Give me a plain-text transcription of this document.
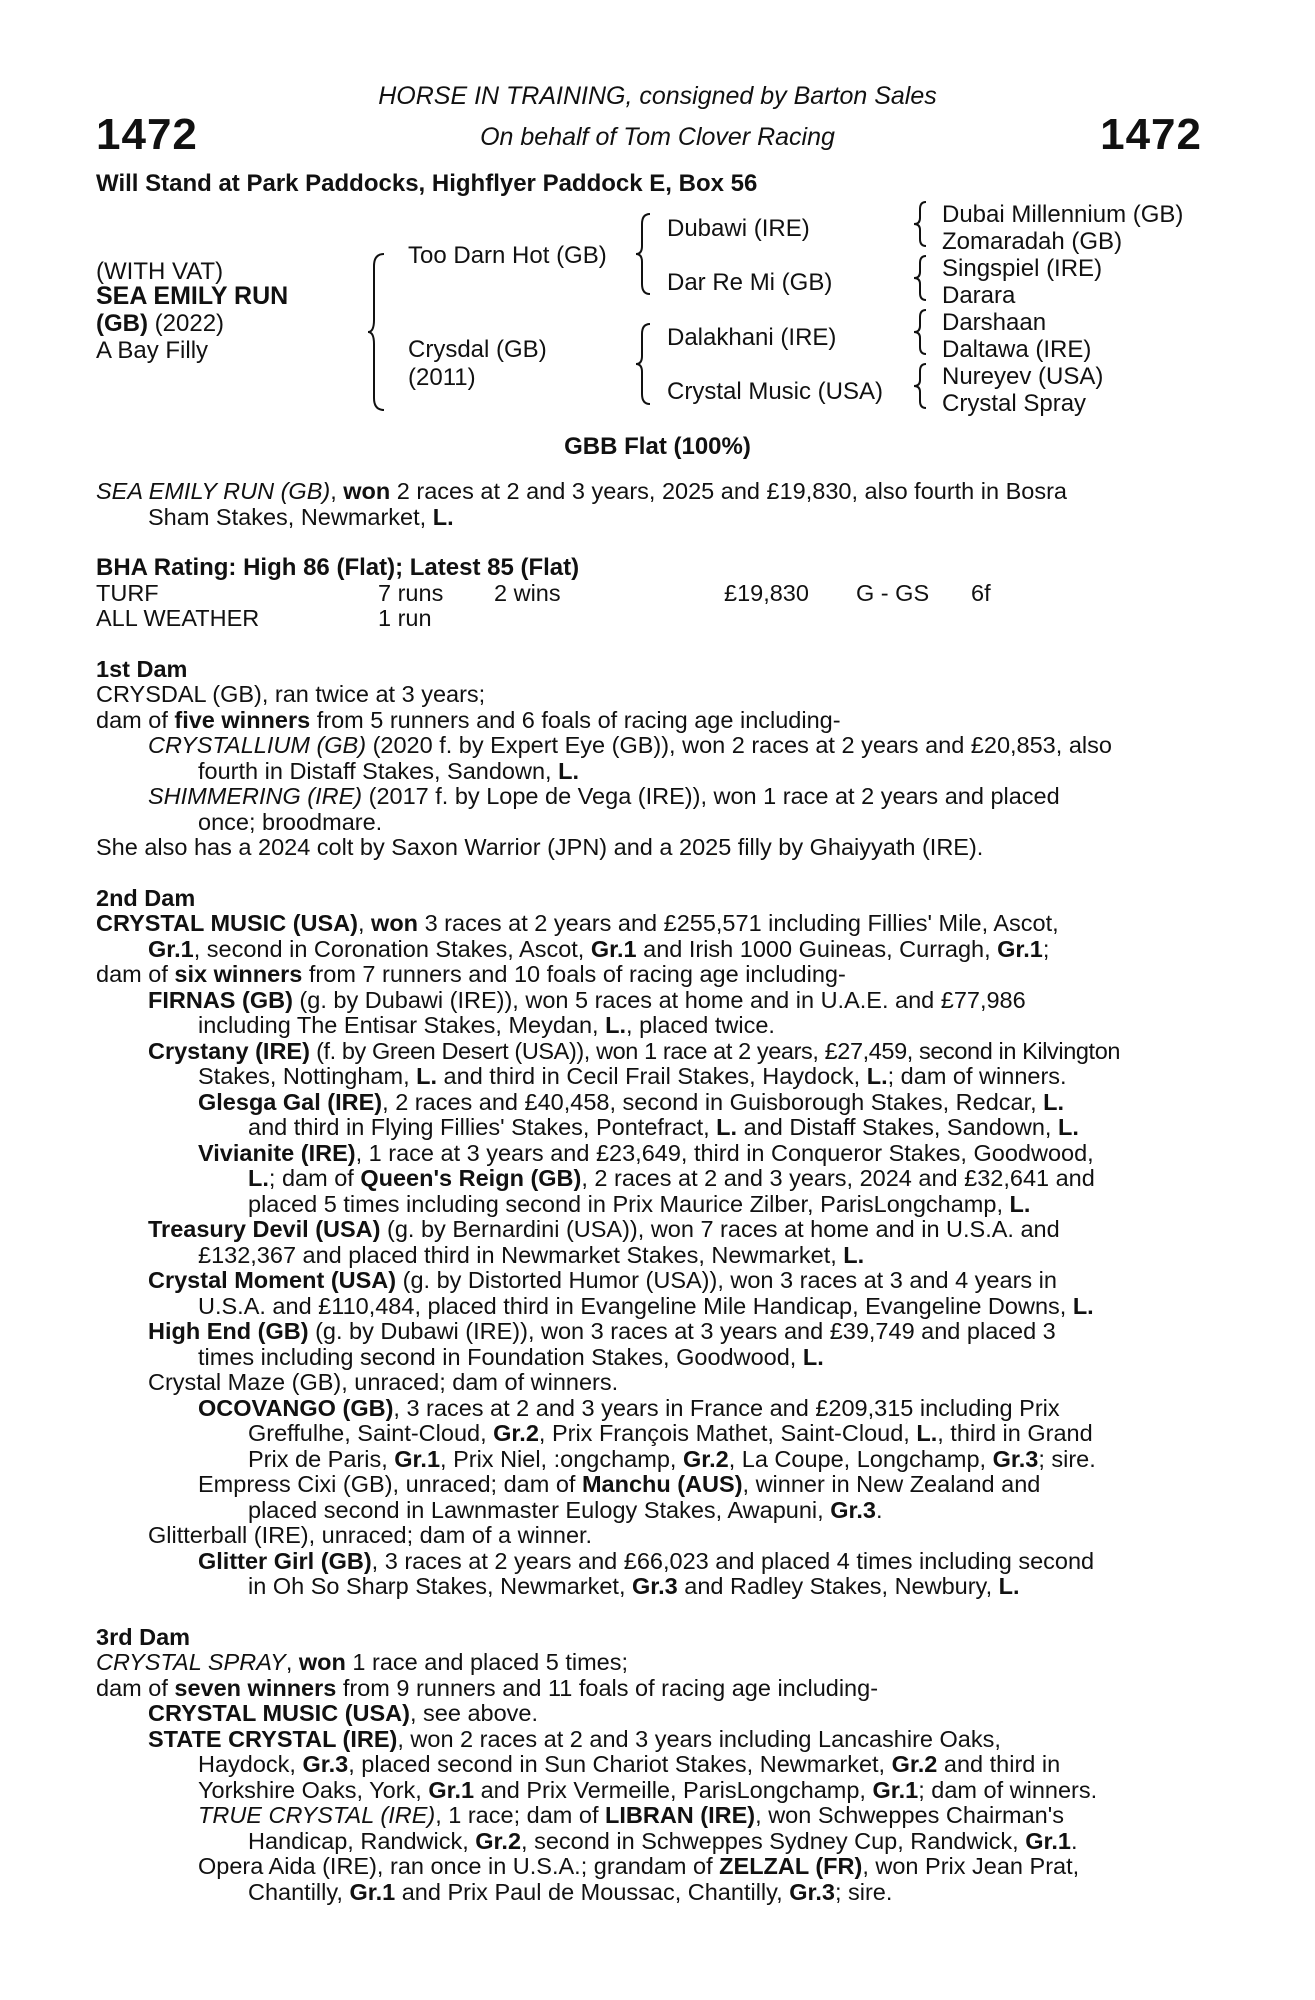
1472	1472
HORSE IN TRAINING, consigned by Barton Sales
On behalf of Tom Clover Racing
Will Stand at Park Paddocks, Highflyer Paddock E, Box 56
(WITH VAT)
SEA EMILY RUN
(GB) (2022)
A Bay Filly
Too Darn Hot (GB)
Crysdal (GB)
(2011)
Dubawi (IRE)
Dar Re Mi (GB)
Dalakhani (IRE)
Crystal Music (USA)
Dubai Millennium (GB)
Zomaradah (GB)
Singspiel (IRE)
Darara
Darshaan
Daltawa (IRE)
Nureyev (USA)
Crystal Spray
GBB Flat (100%)
SEA EMILY RUN (GB), won 2 races at 2 and 3 years, 2025 and £19,830, also fourth in Bosra
Sham Stakes, Newmarket, L.
BHA Rating: High 86 (Flat); Latest 85 (Flat)
TURF	7 runs 2 wins	£19,830 G - GS 6f
ALL WEATHER	1 run
1st Dam
CRYSDAL (GB), ran twice at 3 years;
dam of five winners from 5 runners and 6 foals of racing age including-
CRYSTALLIUM (GB) (2020 f. by Expert Eye (GB)), won 2 races at 2 years and £20,853, also
fourth in Distaff Stakes, Sandown, L.
SHIMMERING (IRE) (2017 f. by Lope de Vega (IRE)), won 1 race at 2 years and placed
once; broodmare.
She also has a 2024 colt by Saxon Warrior (JPN) and a 2025 filly by Ghaiyyath (IRE).
2nd Dam
CRYSTAL MUSIC (USA), won 3 races at 2 years and £255,571 including Fillies' Mile, Ascot,
Gr.1, second in Coronation Stakes, Ascot, Gr.1 and Irish 1000 Guineas, Curragh, Gr.1;
dam of six winners from 7 runners and 10 foals of racing age including-
FIRNAS (GB) (g. by Dubawi (IRE)), won 5 races at home and in U.A.E. and £77,986
including The Entisar Stakes, Meydan, L., placed twice.
Crystany (IRE) (f. by Green Desert (USA)), won 1 race at 2 years, £27,459, second in Kilvington
Stakes, Nottingham, L. and third in Cecil Frail Stakes, Haydock, L.; dam of winners.
Glesga Gal (IRE), 2 races and £40,458, second in Guisborough Stakes, Redcar, L.
and third in Flying Fillies' Stakes, Pontefract, L. and Distaff Stakes, Sandown, L.
Vivianite (IRE), 1 race at 3 years and £23,649, third in Conqueror Stakes, Goodwood,
L.; dam of Queen's Reign (GB), 2 races at 2 and 3 years, 2024 and £32,641 and
placed 5 times including second in Prix Maurice Zilber, ParisLongchamp, L.
Treasury Devil (USA) (g. by Bernardini (USA)), won 7 races at home and in U.S.A. and
£132,367 and placed third in Newmarket Stakes, Newmarket, L.
Crystal Moment (USA) (g. by Distorted Humor (USA)), won 3 races at 3 and 4 years in
U.S.A. and £110,484, placed third in Evangeline Mile Handicap, Evangeline Downs, L.
High End (GB) (g. by Dubawi (IRE)), won 3 races at 3 years and £39,749 and placed 3
times including second in Foundation Stakes, Goodwood, L.
Crystal Maze (GB), unraced; dam of winners.
OCOVANGO (GB), 3 races at 2 and 3 years in France and £209,315 including Prix
Greffulhe, Saint-Cloud, Gr.2, Prix François Mathet, Saint-Cloud, L., third in Grand
Prix de Paris, Gr.1, Prix Niel, :ongchamp, Gr.2, La Coupe, Longchamp, Gr.3; sire.
Empress Cixi (GB), unraced; dam of Manchu (AUS), winner in New Zealand and
placed second in Lawnmaster Eulogy Stakes, Awapuni, Gr.3.
Glitterball (IRE), unraced; dam of a winner.
Glitter Girl (GB), 3 races at 2 years and £66,023 and placed 4 times including second
in Oh So Sharp Stakes, Newmarket, Gr.3 and Radley Stakes, Newbury, L.
3rd Dam
CRYSTAL SPRAY, won 1 race and placed 5 times;
dam of seven winners from 9 runners and 11 foals of racing age including-
CRYSTAL MUSIC (USA), see above.
STATE CRYSTAL (IRE), won 2 races at 2 and 3 years including Lancashire Oaks,
Haydock, Gr.3, placed second in Sun Chariot Stakes, Newmarket, Gr.2 and third in
Yorkshire Oaks, York, Gr.1 and Prix Vermeille, ParisLongchamp, Gr.1; dam of winners.
TRUE CRYSTAL (IRE), 1 race; dam of LIBRAN (IRE), won Schweppes Chairman's
Handicap, Randwick, Gr.2, second in Schweppes Sydney Cup, Randwick, Gr.1.
Opera Aida (IRE), ran once in U.S.A.; grandam of ZELZAL (FR), won Prix Jean Prat,
Chantilly, Gr.1 and Prix Paul de Moussac, Chantilly, Gr.3; sire.
